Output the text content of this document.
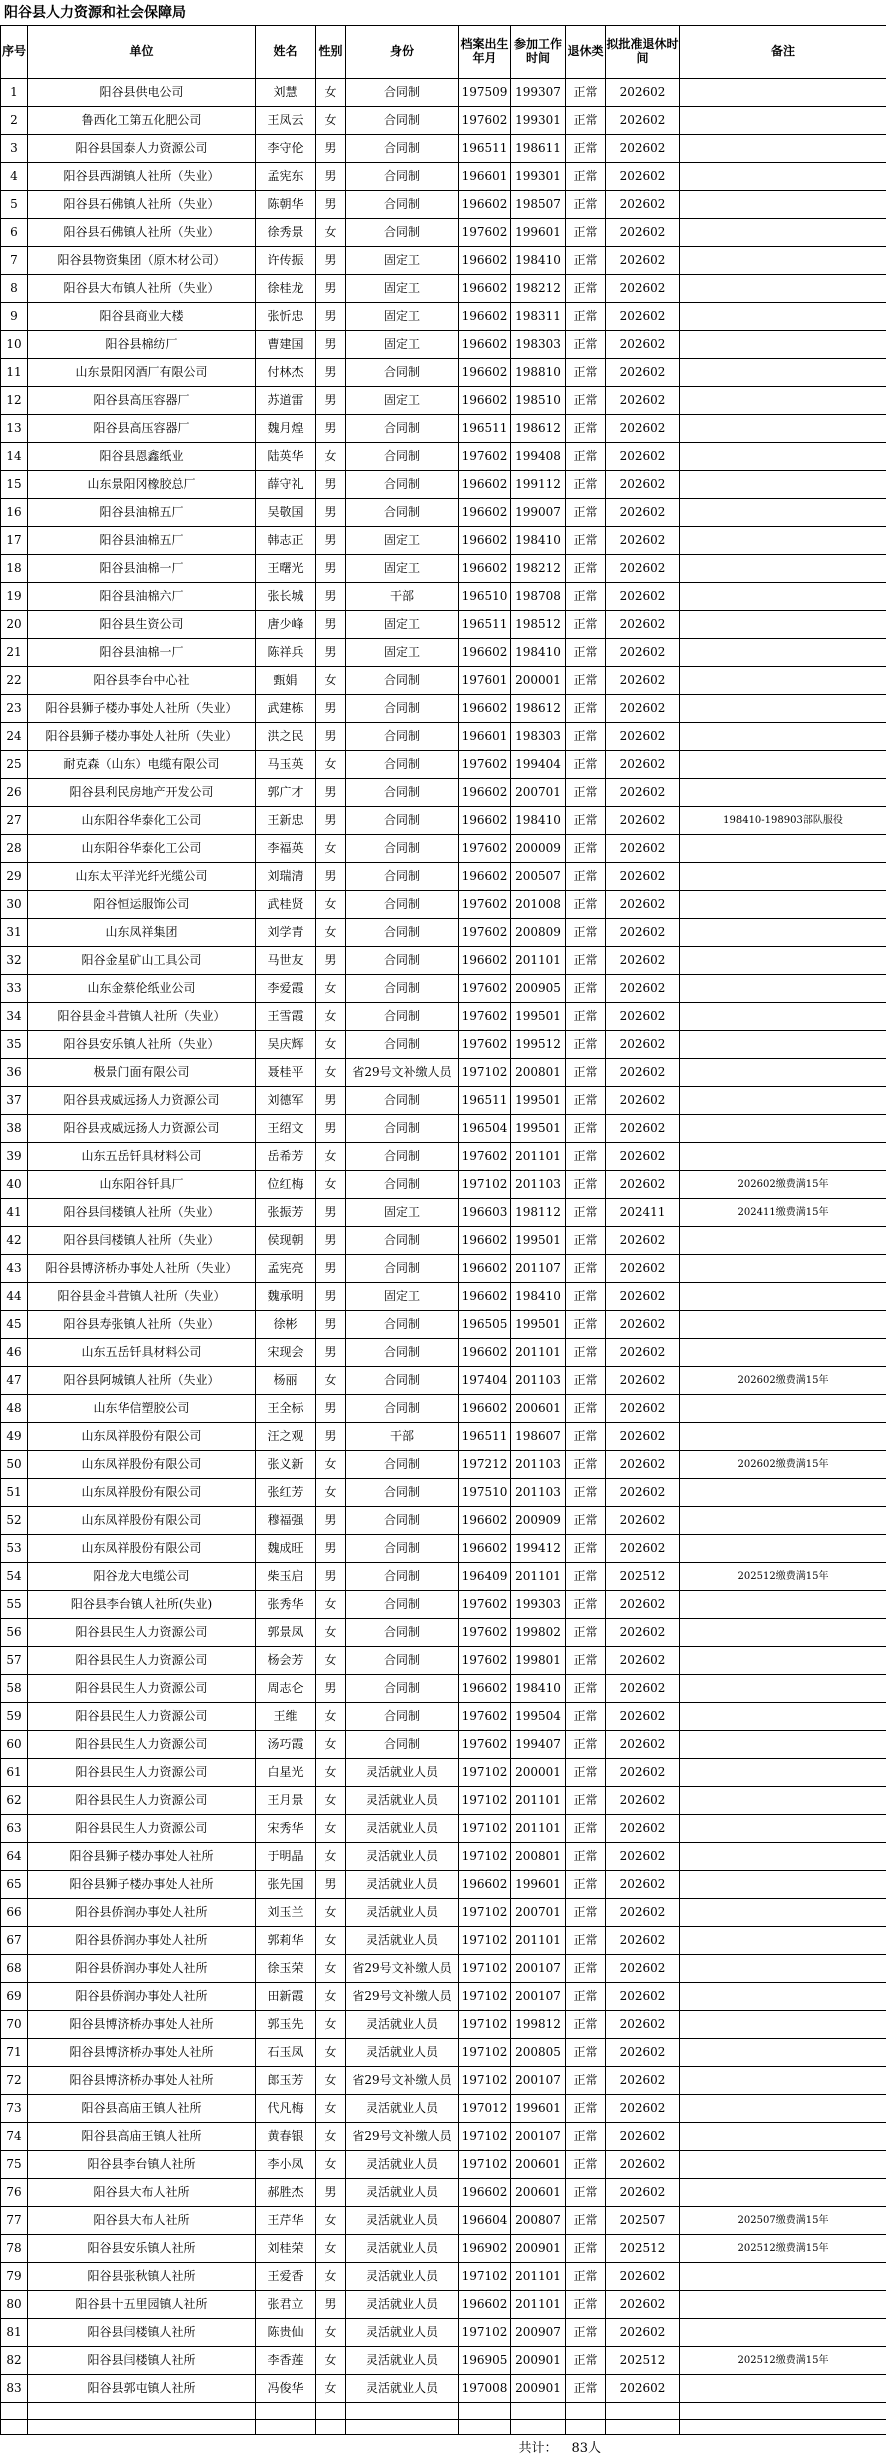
阳谷县人力资源和社会保障局
序号	单位	姓名	性别	身份	档案出生年月	参加工作时间	退休类	拟批准退休时间	备注
1	阳谷县供电公司	刘慧	女	合同制	197509	199307	正常	202602	
2	鲁西化工第五化肥公司	王凤云	女	合同制	197602	199301	正常	202602	
3	阳谷县国泰人力资源公司	李守伦	男	合同制	196511	198611	正常	202602	
4	阳谷县西湖镇人社所（失业）	孟宪东	男	合同制	196601	199301	正常	202602	
5	阳谷县石佛镇人社所（失业）	陈朝华	男	合同制	196602	198507	正常	202602	
6	阳谷县石佛镇人社所（失业）	徐秀景	女	合同制	197602	199601	正常	202602	
7	阳谷县物资集团（原木材公司）	许传振	男	固定工	196602	198410	正常	202602	
8	阳谷县大布镇人社所（失业）	徐桂龙	男	固定工	196602	198212	正常	202602	
9	阳谷县商业大楼	张忻忠	男	固定工	196602	198311	正常	202602	
10	阳谷县棉纺厂	曹建国	男	固定工	196602	198303	正常	202602	
11	山东景阳冈酒厂有限公司	付林杰	男	合同制	196602	198810	正常	202602	
12	阳谷县高压容器厂	苏道雷	男	固定工	196602	198510	正常	202602	
13	阳谷县高压容器厂	魏月煌	男	合同制	196511	198612	正常	202602	
14	阳谷县恩鑫纸业	陆英华	女	合同制	197602	199408	正常	202602	
15	山东景阳冈橡胶总厂	薛守礼	男	合同制	196602	199112	正常	202602	
16	阳谷县油棉五厂	吴敬国	男	合同制	196602	199007	正常	202602	
17	阳谷县油棉五厂	韩志正	男	固定工	196602	198410	正常	202602	
18	阳谷县油棉一厂	王曙光	男	固定工	196602	198212	正常	202602	
19	阳谷县油棉六厂	张长城	男	干部	196510	198708	正常	202602	
20	阳谷县生资公司	唐少峰	男	固定工	196511	198512	正常	202602	
21	阳谷县油棉一厂	陈祥兵	男	固定工	196602	198410	正常	202602	
22	阳谷县李台中心社	甄娟	女	合同制	197601	200001	正常	202602	
23	阳谷县狮子楼办事处人社所（失业）	武建栋	男	合同制	196602	198612	正常	202602	
24	阳谷县狮子楼办事处人社所（失业）	洪之民	男	合同制	196601	198303	正常	202602	
25	耐克森（山东）电缆有限公司	马玉英	女	合同制	197602	199404	正常	202602	
26	阳谷县利民房地产开发公司	郭广才	男	合同制	196602	200701	正常	202602	
27	山东阳谷华泰化工公司	王新忠	男	合同制	196602	198410	正常	202602	198410-198903部队服役
28	山东阳谷华泰化工公司	李福英	女	合同制	197602	200009	正常	202602	
29	山东太平洋光纤光缆公司	刘瑞清	男	合同制	196602	200507	正常	202602	
30	阳谷恒运服饰公司	武桂贤	女	合同制	197602	201008	正常	202602	
31	山东凤祥集团	刘学青	女	合同制	197602	200809	正常	202602	
32	阳谷金星矿山工具公司	马世友	男	合同制	196602	201101	正常	202602	
33	山东金蔡伦纸业公司	李爱霞	女	合同制	197602	200905	正常	202602	
34	阳谷县金斗营镇人社所（失业）	王雪霞	女	合同制	197602	199501	正常	202602	
35	阳谷县安乐镇人社所（失业）	吴庆辉	女	合同制	197602	199512	正常	202602	
36	极景门面有限公司	聂桂平	女	省29号文补缴人员	197102	200801	正常	202602	
37	阳谷县戎威远扬人力资源公司	刘德军	男	合同制	196511	199501	正常	202602	
38	阳谷县戎威远扬人力资源公司	王绍文	男	合同制	196504	199501	正常	202602	
39	山东五岳钎具材料公司	岳希芳	女	合同制	197602	201101	正常	202602	
40	山东阳谷钎具厂	位红梅	女	合同制	197102	201103	正常	202602	202602缴费满15年
41	阳谷县闫楼镇人社所（失业）	张振芳	男	固定工	196603	198112	正常	202411	202411缴费满15年
42	阳谷县闫楼镇人社所（失业）	侯现朝	男	合同制	196602	199501	正常	202602	
43	阳谷县博济桥办事处人社所（失业）	孟宪亮	男	合同制	196602	201107	正常	202602	
44	阳谷县金斗营镇人社所（失业）	魏承明	男	固定工	196602	198410	正常	202602	
45	阳谷县寿张镇人社所（失业）	徐彬	男	合同制	196505	199501	正常	202602	
46	山东五岳钎具材料公司	宋现会	男	合同制	196602	201101	正常	202602	
47	阳谷县阿城镇人社所（失业）	杨丽	女	合同制	197404	201103	正常	202602	202602缴费满15年
48	山东华信塑胶公司	王全标	男	合同制	196602	200601	正常	202602	
49	山东凤祥股份有限公司	汪之观	男	干部	196511	198607	正常	202602	
50	山东凤祥股份有限公司	张义新	女	合同制	197212	201103	正常	202602	202602缴费满15年
51	山东凤祥股份有限公司	张红芳	女	合同制	197510	201103	正常	202602	
52	山东凤祥股份有限公司	穆福强	男	合同制	196602	200909	正常	202602	
53	山东凤祥股份有限公司	魏成旺	男	合同制	196602	199412	正常	202602	
54	阳谷龙大电缆公司	柴玉启	男	合同制	196409	201101	正常	202512	202512缴费满15年
55	阳谷县李台镇人社所(失业)	张秀华	女	合同制	197602	199303	正常	202602	
56	阳谷县民生人力资源公司	郭景凤	女	合同制	197602	199802	正常	202602	
57	阳谷县民生人力资源公司	杨会芳	女	合同制	197602	199801	正常	202602	
58	阳谷县民生人力资源公司	周志仑	男	合同制	196602	198410	正常	202602	
59	阳谷县民生人力资源公司	王维	女	合同制	197602	199504	正常	202602	
60	阳谷县民生人力资源公司	汤巧霞	女	合同制	197602	199407	正常	202602	
61	阳谷县民生人力资源公司	白星光	女	灵活就业人员	197102	200001	正常	202602	
62	阳谷县民生人力资源公司	王月景	女	灵活就业人员	197102	201101	正常	202602	
63	阳谷县民生人力资源公司	宋秀华	女	灵活就业人员	197102	201101	正常	202602	
64	阳谷县狮子楼办事处人社所	于明晶	女	灵活就业人员	197102	200801	正常	202602	
65	阳谷县狮子楼办事处人社所	张先国	男	灵活就业人员	196602	199601	正常	202602	
66	阳谷县侨润办事处人社所	刘玉兰	女	灵活就业人员	197102	200701	正常	202602	
67	阳谷县侨润办事处人社所	郭莉华	女	灵活就业人员	197102	201101	正常	202602	
68	阳谷县侨润办事处人社所	徐玉荣	女	省29号文补缴人员	197102	200107	正常	202602	
69	阳谷县侨润办事处人社所	田新霞	女	省29号文补缴人员	197102	200107	正常	202602	
70	阳谷县博济桥办事处人社所	郭玉先	女	灵活就业人员	197102	199812	正常	202602	
71	阳谷县博济桥办事处人社所	石玉凤	女	灵活就业人员	197102	200805	正常	202602	
72	阳谷县博济桥办事处人社所	郎玉芳	女	省29号文补缴人员	197102	200107	正常	202602	
73	阳谷县高庙王镇人社所	代凡梅	女	灵活就业人员	197012	199601	正常	202602	
74	阳谷县高庙王镇人社所	黄春银	女	省29号文补缴人员	197102	200107	正常	202602	
75	阳谷县李台镇人社所	李小凤	女	灵活就业人员	197102	200601	正常	202602	
76	阳谷县大布人社所	郝胜杰	男	灵活就业人员	196602	200601	正常	202602	
77	阳谷县大布人社所	王芹华	女	灵活就业人员	196604	200807	正常	202507	202507缴费满15年
78	阳谷县安乐镇人社所	刘桂荣	女	灵活就业人员	196902	200901	正常	202512	202512缴费满15年
79	阳谷县张秋镇人社所	王爱香	女	灵活就业人员	197102	201101	正常	202602	
80	阳谷县十五里园镇人社所	张君立	男	灵活就业人员	196602	201101	正常	202602	
81	阳谷县闫楼镇人社所	陈贵仙	女	灵活就业人员	197102	200907	正常	202602	
82	阳谷县闫楼镇人社所	李香莲	女	灵活就业人员	196905	200901	正常	202512	202512缴费满15年
83	阳谷县郭屯镇人社所	冯俊华	女	灵活就业人员	197008	200901	正常	202602	

						共计：	83人		
